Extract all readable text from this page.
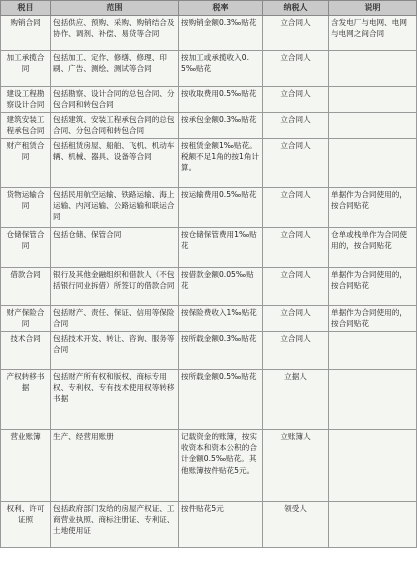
税目	范围	税率	纳税人	说明
购销合同	包括供应、预购、采购、购销结合及协作、调剂、补偿、易货等合同	按购销金额0.3‰贴花	立合同人	含发电厂与电网、电网与电网之间合同
加工承揽合同	包括加工、定作、修缮、修理、印刷、广告、测绘、测试等合同	按加工或承揽收入0.5‰贴花	立合同人	
建设工程勘察设计合同	包括勘察、设计合同的总包合同、分包合同和转包合同	按收取费用0.5‰贴花	立合同人	
建筑安装工程承包合同	包括建筑、安装工程承包合同的总包合同、分包合同和转包合同	按承包金额0.3‰贴花	立合同人	
财产租赁合同	包括租赁房屋、船舶、飞机、机动车辆、机械、器具、设备等合同	按租赁金额1‰贴花。税额不足1角的按1角计算。	立合同人	
货物运输合同	包括民用航空运输、铁路运输、海上运输、内河运输、公路运输和联运合同	按运输费用0.5‰贴花	立合同人	单据作为合同使用的，按合同贴花
仓储保管合同	包括仓储、保管合同	按仓储保管费用1‰贴花	立合同人	仓单或栈单作为合同使用的，按合同贴花
借款合同	银行及其他金融组织和借款人（不包括银行同业拆借）所签订的借款合同	按借款金额0.05‰贴花	立合同人	单据作为合同使用的，按合同贴花
财产保险合同	包括财产、责任、保证、信用等保险合同	按保险费收入1‰贴花	立合同人	单据作为合同使用的，按合同贴花
技术合同	包括技术开发、转让、咨询、服务等合同	按所载金额0.3‰贴花	立合同人	
产权转移书据	包括财产所有权和版权、商标专用权、专利权、专有技术使用权等转移书据	按所载金额0.5‰贴花	立据人	
营业账簿	生产、经营用账册	记载资金的账簿，按实收资本和资本公积的合计金额0.5‰贴花。其他账簿按件贴花5元。	立账簿人	
权利、许可证照	包括政府部门发给的房屋产权证、工商营业执照、商标注册证、专利证、土地使用证	按件贴花5元	领受人	
